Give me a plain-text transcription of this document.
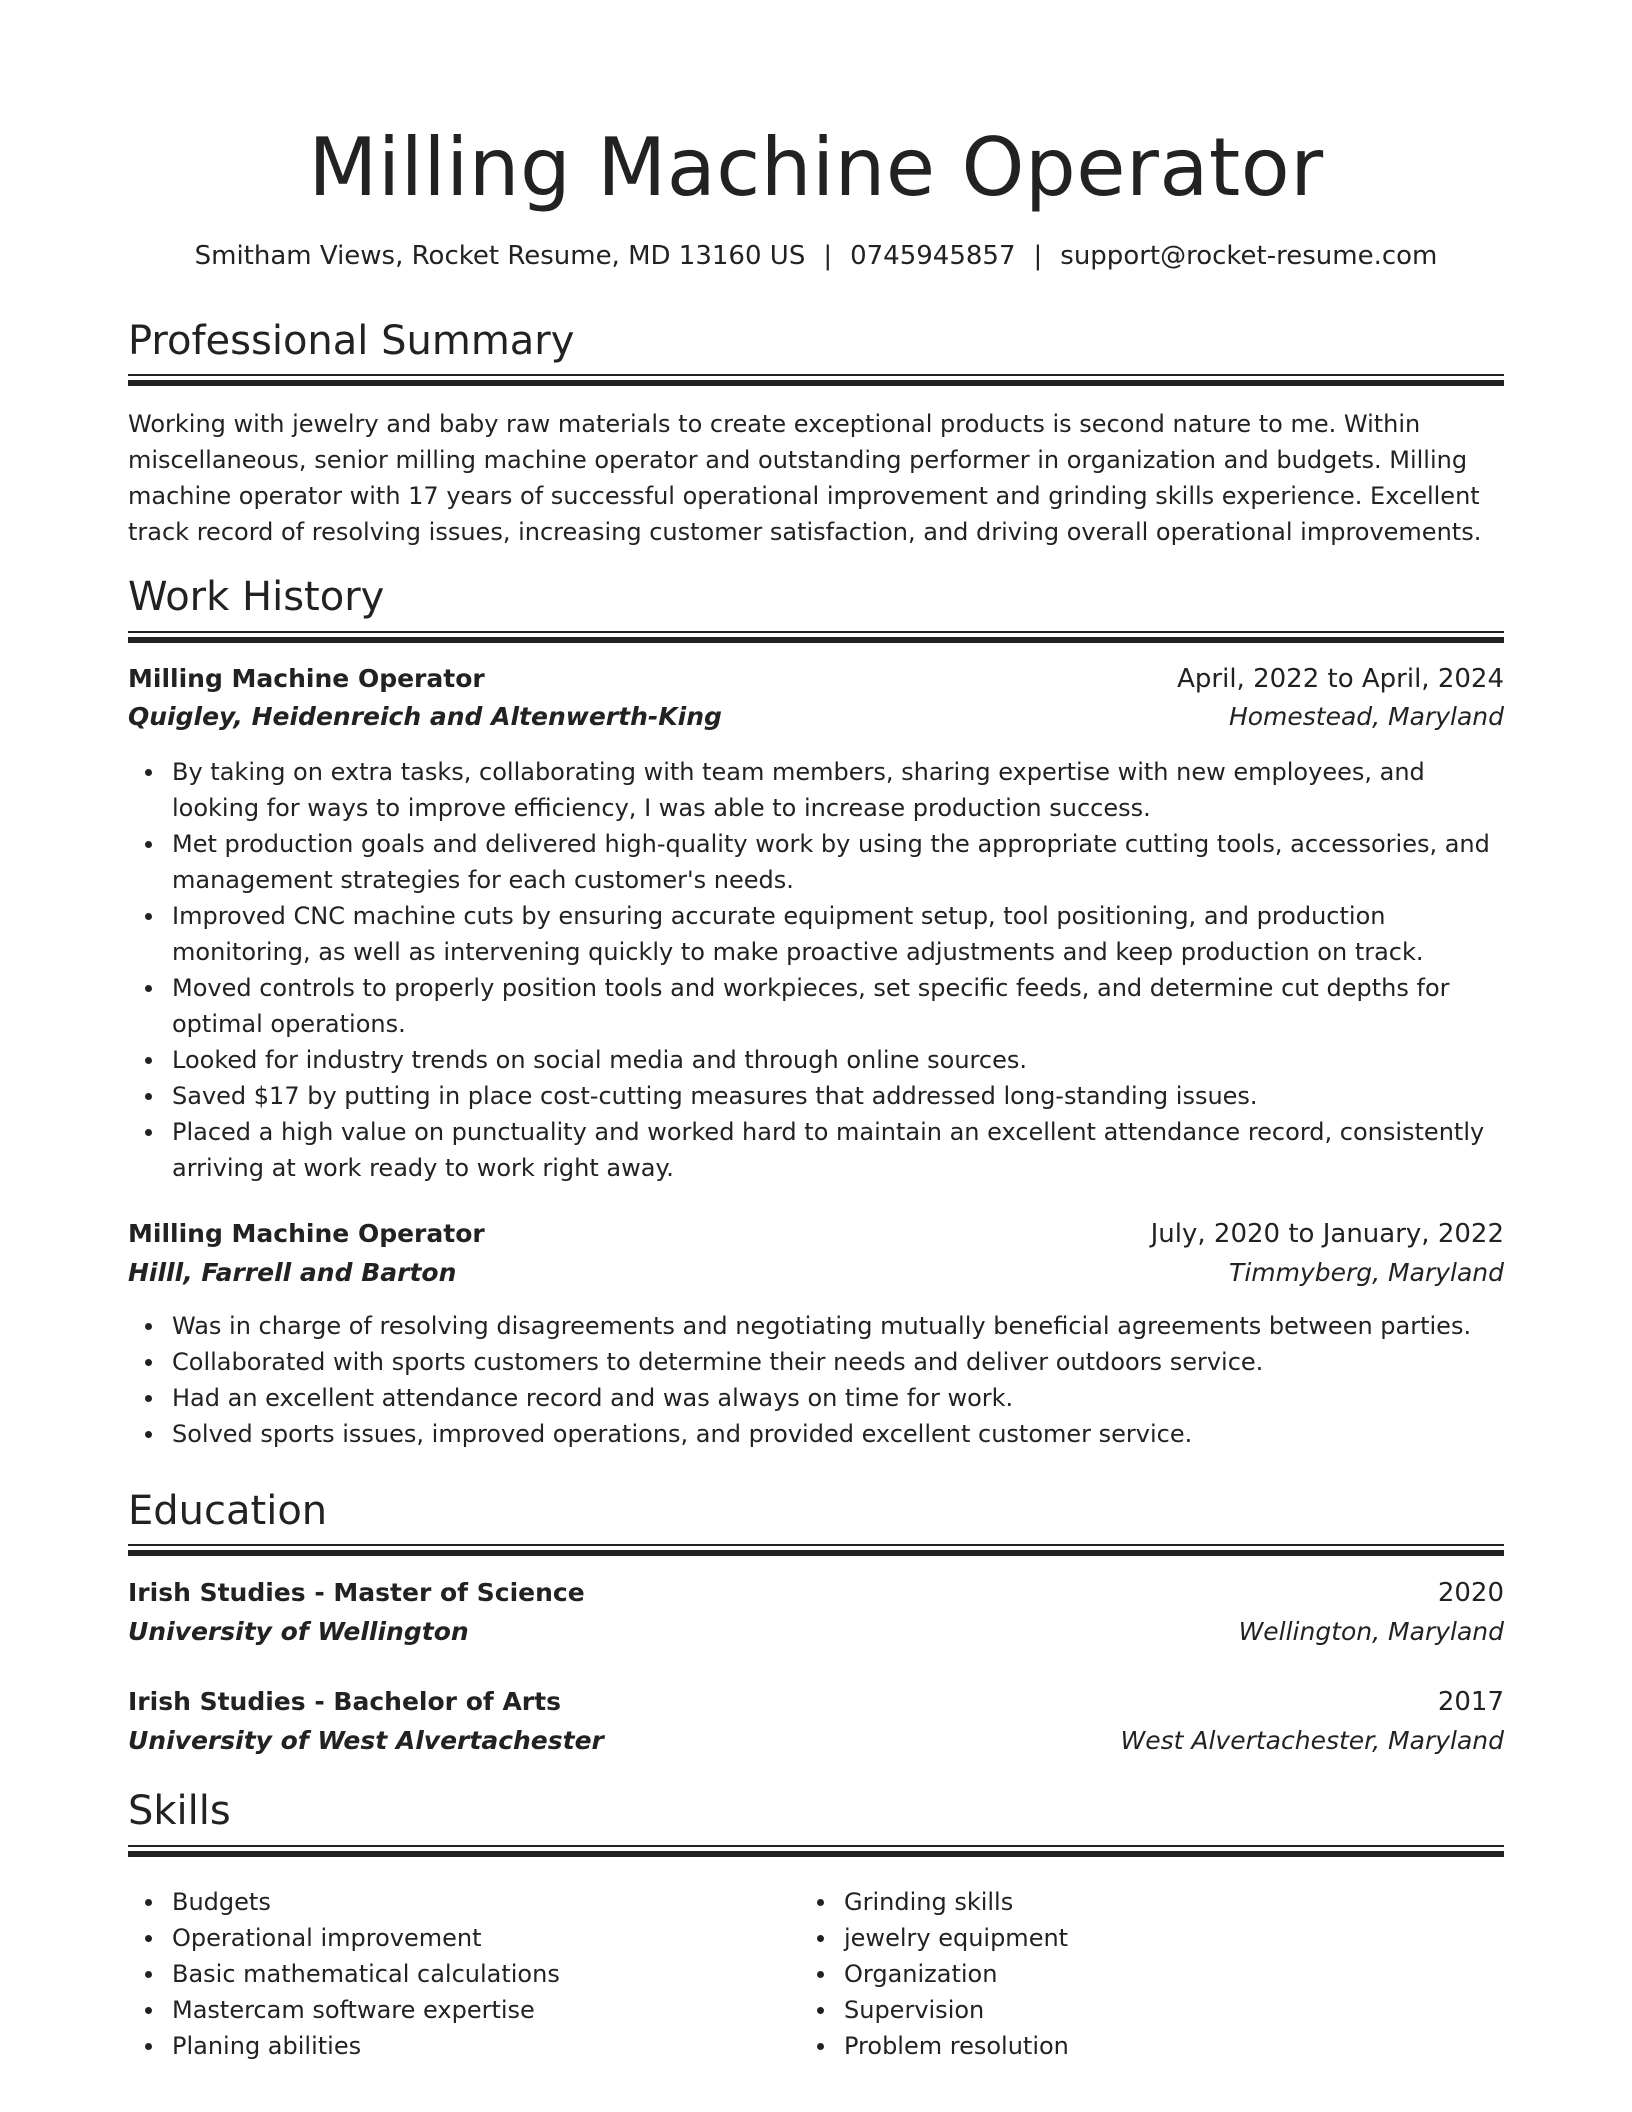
Milling Machine Operator
Smitham Views, Rocket Resume, MD 13160 US | 0745945857 | support@rocket-resume.com
Professional Summary

Working with jewelry and baby raw materials to create exceptional products is second nature to me. Within miscellaneous, senior milling machine operator and outstanding performer in organization and budgets. Milling machine operator with 17 years of successful operational improvement and grinding skills experience. Excellent track record of resolving issues, increasing customer satisfaction, and driving overall operational improvements.

Work History
Milling Machine Operator	April, 2022 to April, 2024
Quigley, Heidenreich and Altenwerth-King	Homestead, Maryland
By taking on extra tasks, collaborating with team members, sharing expertise with new employees, and looking for ways to improve efficiency, I was able to increase production success.
Met production goals and delivered high-quality work by using the appropriate cutting tools, accessories, and management strategies for each customer's needs.
Improved CNC machine cuts by ensuring accurate equipment setup, tool positioning, and production monitoring, as well as intervening quickly to make proactive adjustments and keep production on track.
Moved controls to properly position tools and workpieces, set specific feeds, and determine cut depths for optimal operations.
Looked for industry trends on social media and through online sources.
Saved $17 by putting in place cost-cutting measures that addressed long-standing issues.
Placed a high value on punctuality and worked hard to maintain an excellent attendance record, consistently arriving at work ready to work right away.
Milling Machine Operator	July, 2020 to January, 2022
Hilll, Farrell and Barton	Timmyberg, Maryland
Was in charge of resolving disagreements and negotiating mutually beneficial agreements between parties.
Collaborated with sports customers to determine their needs and deliver outdoors service.
Had an excellent attendance record and was always on time for work.
Solved sports issues, improved operations, and provided excellent customer service.
Education
Irish Studies - Master of Science	2020
University of Wellington	Wellington, Maryland
Irish Studies - Bachelor of Arts	2017
University of West Alvertachester	West Alvertachester, Maryland
Skills
Budgets
Operational improvement
Basic mathematical calculations
Mastercam software expertise
Planing abilities
Grinding skills
jewelry equipment
Organization
Supervision
Problem resolution
